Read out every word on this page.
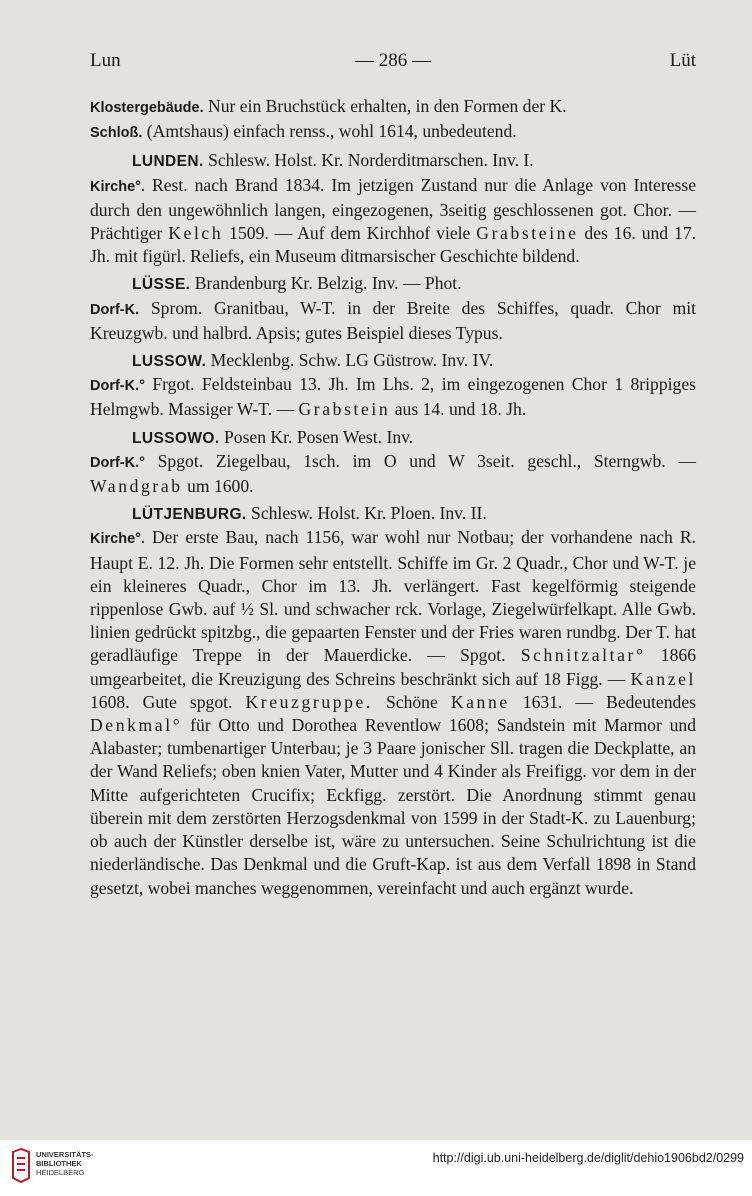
Lun	— 286 —	Lüt

Klostergebäude. Nur ein Bruchstück erhalten, in den Formen der K.

Schloß. (Amtshaus) einfach renss., wohl 1614, unbedeutend.

LUNDEN. Schlesw. Holst. Kr. Norderditmarschen. Inv. I.

Kirche°. Rest. nach Brand 1834. Im jetzigen Zustand nur die Anlage von Interesse durch den ungewöhnlich langen, eingezogenen, 3seitig geschlossenen got. Chor. — Prächtiger Kelch 1509. — Auf dem Kirchhof viele Grabsteine des 16. und 17. Jh. mit figürl. Reliefs, ein Museum ditmarsischer Geschichte bildend.

LÜSSE. Brandenburg Kr. Belzig. Inv. — Phot.

Dorf-K. Sprom. Granitbau, W-T. in der Breite des Schiffes, quadr. Chor mit Kreuzgwb. und halbrd. Apsis; gutes Beispiel dieses Typus.

LUSSOW. Mecklenbg. Schw. LG Güstrow. Inv. IV.

Dorf-K.° Frgot. Feldsteinbau 13. Jh. Im Lhs. 2, im eingezogenen Chor 1 8rippiges Helmgwb. Massiger W-T. — Grabstein aus 14. und 18. Jh.

LUSSOWO. Posen Kr. Posen West. Inv.

Dorf-K.° Spgot. Ziegelbau, 1sch. im O und W 3seit. geschl., Sterngwb. — Wandgrab um 1600.

LÜTJENBURG. Schlesw. Holst. Kr. Ploen. Inv. II.

Kirche°. Der erste Bau, nach 1156, war wohl nur Notbau; der vorhandene nach R. Haupt E. 12. Jh. Die Formen sehr entstellt. Schiffe im Gr. 2 Quadr., Chor und W-T. je ein kleineres Quadr., Chor im 13. Jh. verlängert. Fast kegelförmig steigende rippenlose Gwb. auf ½ Sl. und schwacher rck. Vorlage, Ziegelwürfelkapt. Alle Gwb. linien gedrückt spitzbg., die gepaarten Fenster und der Fries waren rundbg. Der T. hat geradläufige Treppe in der Mauerdicke. — Spgot. Schnitzaltar° 1866 umgearbeitet, die Kreuzigung des Schreins beschränkt sich auf 18 Figg. — Kanzel 1608. Gute spgot. Kreuzgruppe. Schöne Kanne 1631. — Bedeutendes Denkmal° für Otto und Dorothea Reventlow 1608; Sandstein mit Marmor und Alabaster; tumbenartiger Unterbau; je 3 Paare jonischer Sll. tragen die Deckplatte, an der Wand Reliefs; oben knien Vater, Mutter und 4 Kinder als Freifigg. vor dem in der Mitte aufgerichteten Crucifix; Eckfigg. zerstört. Die Anordnung stimmt genau überein mit dem zerstörten Herzogsdenkmal von 1599 in der Stadt-K. zu Lauenburg; ob auch der Künstler derselbe ist, wäre zu untersuchen. Seine Schulrichtung ist die niederländische. Das Denkmal und die Gruft-Kap. ist aus dem Verfall 1898 in Stand gesetzt, wobei manches weggenommen, vereinfacht und auch ergänzt wurde.

UNIVERSITÄTS-
BIBLIOTHEK
HEIDELBERG
http://digi.ub.uni-heidelberg.de/diglit/dehio1906bd2/0299
